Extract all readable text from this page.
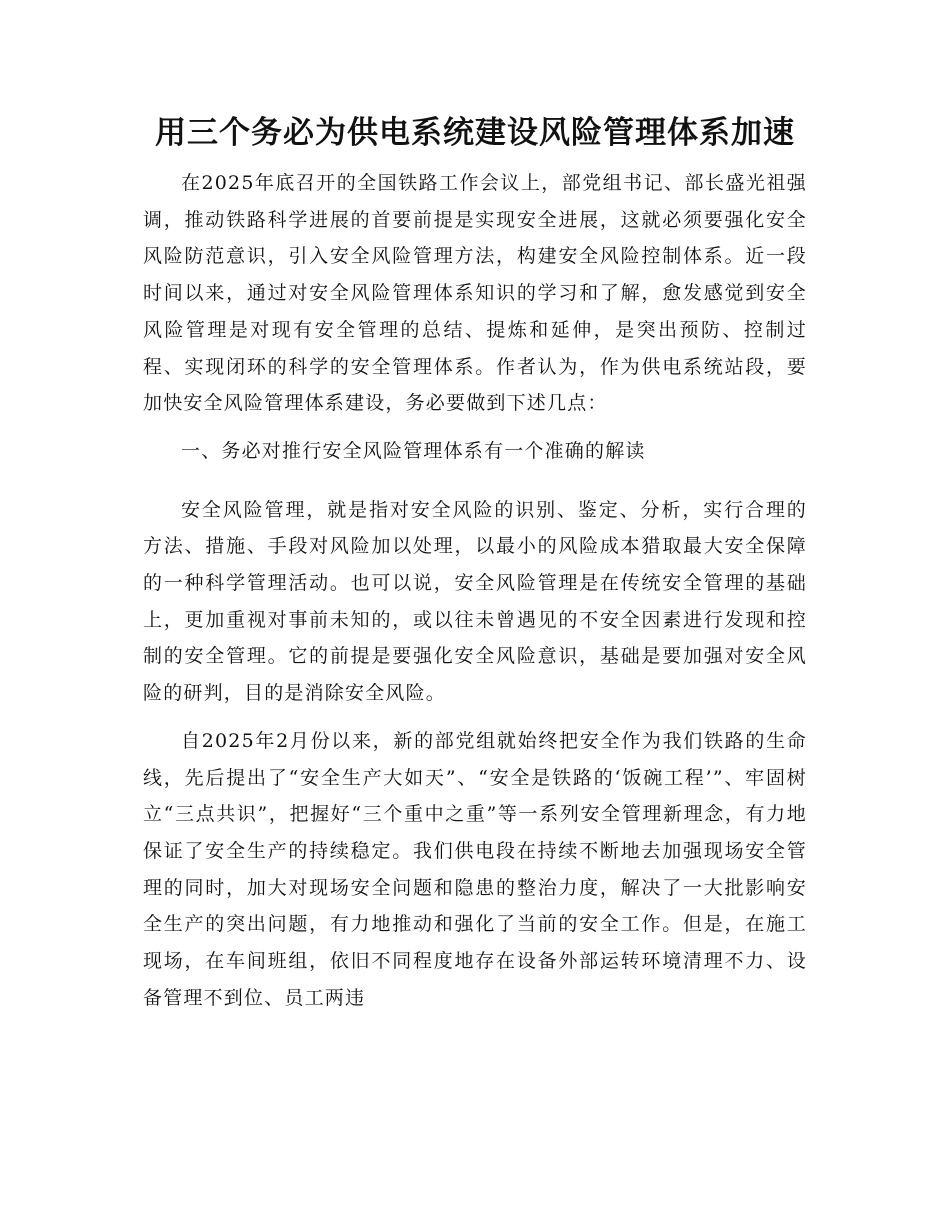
用三个务必为供电系统建设风险管理体系加速

在2025年底召开的全国铁路工作会议上，部党组书记、部长盛光祖强调，推动铁路科学进展的首要前提是实现安全进展，这就必须要强化安全风险防范意识，引入安全风险管理方法，构建安全风险控制体系。近一段时间以来，通过对安全风险管理体系知识的学习和了解，愈发感觉到安全风险管理是对现有安全管理的总结、提炼和延伸，是突出预防、控制过程、实现闭环的科学的安全管理体系。作者认为，作为供电系统站段，要加快安全风险管理体系建设，务必要做到下述几点：

一、务必对推行安全风险管理体系有一个准确的解读

安全风险管理，就是指对安全风险的识别、鉴定、分析，实行合理的方法、措施、手段对风险加以处理，以最小的风险成本猎取最大安全保障的一种科学管理活动。也可以说，安全风险管理是在传统安全管理的基础上，更加重视对事前未知的，或以往未曾遇见的不安全因素进行发现和控制的安全管理。它的前提是要强化安全风险意识，基础是要加强对安全风险的研判，目的是消除安全风险。

自2025年2月份以来，新的部党组就始终把安全作为我们铁路的生命线，先后提出了“安全生产大如天”、“安全是铁路的‘饭碗工程’”、牢固树立“三点共识”，把握好“三个重中之重”等一系列安全管理新理念，有力地保证了安全生产的持续稳定。我们供电段在持续不断地去加强现场安全管理的同时，加大对现场安全问题和隐患的整治力度，解决了一大批影响安全生产的突出问题，有力地推动和强化了当前的安全工作。但是，在施工现场，在车间班组，依旧不同程度地存在设备外部运转环境清理不力、设备管理不到位、员工两违
